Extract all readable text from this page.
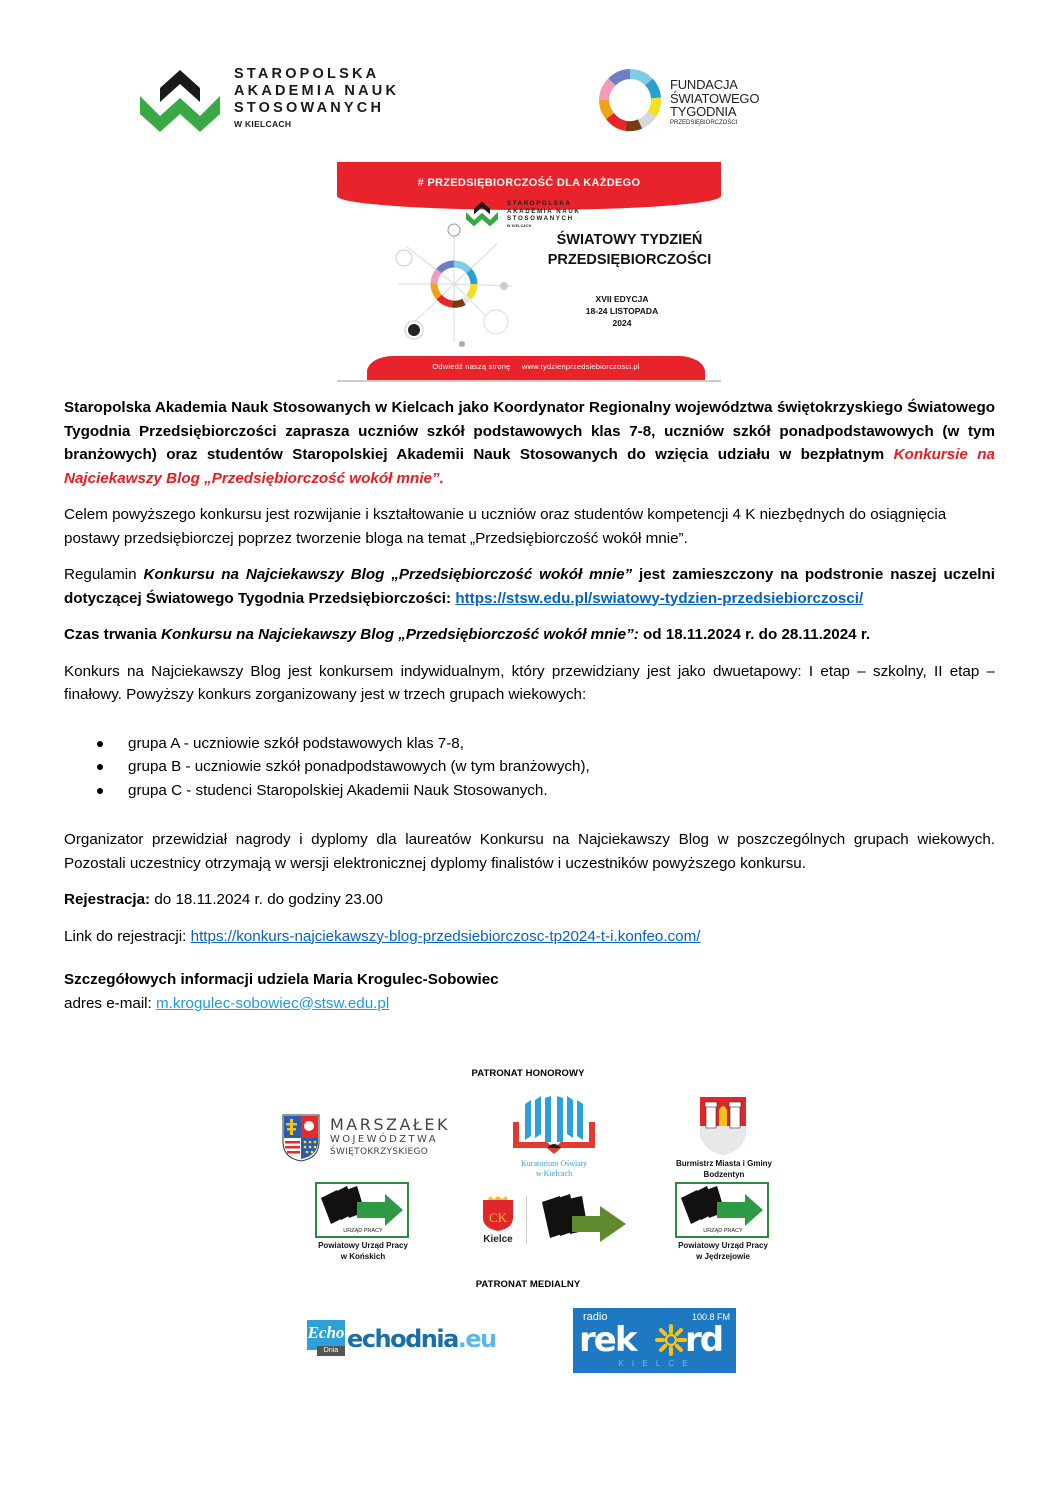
STAROPOLSKA
AKADEMIA NAUK
STOSOWANYCH
W KIELCACH
FUNDACJA
ŚWIATOWEGO
TYGODNIA
PRZEDSIĘBIORCZOŚCI
# PRZEDSIĘBIORCZOŚĆ DLA KAŻDEGO
STAROPOLSKA
AKADEMIA NAUK
STOSOWANYCH
W KIELCACH
ŚWIATOWY TYDZIEŃ
PRZEDSIĘBIORCZOŚCI
XVII EDYCJA
18-24 LISTOPADA
2024
Odwiedź naszą stronę www.tydzienprzedsiebiorczosci.pl

Staropolska Akademia Nauk Stosowanych w Kielcach jako Koordynator Regionalny województwa świętokrzyskiego Światowego Tygodnia Przedsiębiorczości zaprasza uczniów szkół podstawowych klas 7-8, uczniów szkół ponadpodstawowych (w tym branżowych) oraz studentów Staropolskiej Akademii Nauk Stosowanych do wzięcia udziału w bezpłatnym Konkursie na Najciekawszy Blog „Przedsiębiorczość wokół mnie”.

Celem powyższego konkursu jest rozwijanie i kształtowanie u uczniów oraz studentów kompetencji 4 K niezbędnych do osiągnięcia postawy przedsiębiorczej poprzez tworzenie bloga na temat „Przedsiębiorczość wokół mnie”.

Regulamin Konkursu na Najciekawszy Blog „Przedsiębiorczość wokół mnie” jest zamieszczony na podstronie naszej uczelni dotyczącej Światowego Tygodnia Przedsiębiorczości: https://stsw.edu.pl/swiatowy-tydzien-przedsiebiorczosci/

Czas trwania Konkursu na Najciekawszy Blog „Przedsiębiorczość wokół mnie”: od 18.11.2024 r. do 28.11.2024 r.

Konkurs na Najciekawszy Blog jest konkursem indywidualnym, który przewidziany jest jako dwuetapowy: I etap – szkolny, II etap – finałowy. Powyższy konkurs zorganizowany jest w trzech grupach wiekowych:

grupa A - uczniowie szkół podstawowych klas 7-8,
grupa B - uczniowie szkół ponadpodstawowych (w tym branżowych),
grupa C - studenci Staropolskiej Akademii Nauk Stosowanych.

Organizator przewidział nagrody i dyplomy dla laureatów Konkursu na Najciekawszy Blog w poszczególnych grupach wiekowych. Pozostali uczestnicy otrzymają w wersji elektronicznej dyplomy finalistów i uczestników powyższego konkursu.

Rejestracja: do 18.11.2024 r. do godziny 23.00

Link do rejestracji: https://konkurs-najciekawszy-blog-przedsiebiorczosc-tp2024-t-i.konfeo.com/

Szczegółowych informacji udziela Maria Krogulec-Sobowiec

adres e-mail: m.krogulec-sobowiec@stsw.edu.pl

PATRONAT HONOROWY
MARSZAŁEK
WOJEWÓDZTWA
ŚWIĘTOKRZYSKIEGO
Kuratorium Oświaty
w Kielcach
Burmistrz Miasta i Gminy
Bodzentyn
URZĄD PRACY
Powiatowy Urząd Pracy
w Końskich
CK
Kielce
URZĄD PRACY
Powiatowy Urząd Pracy
w Jędrzejowie
PATRONAT MEDIALNY
Echo
Dnia echodnia.eu
radio	100.8 FM
rek rd
K I E L C E
